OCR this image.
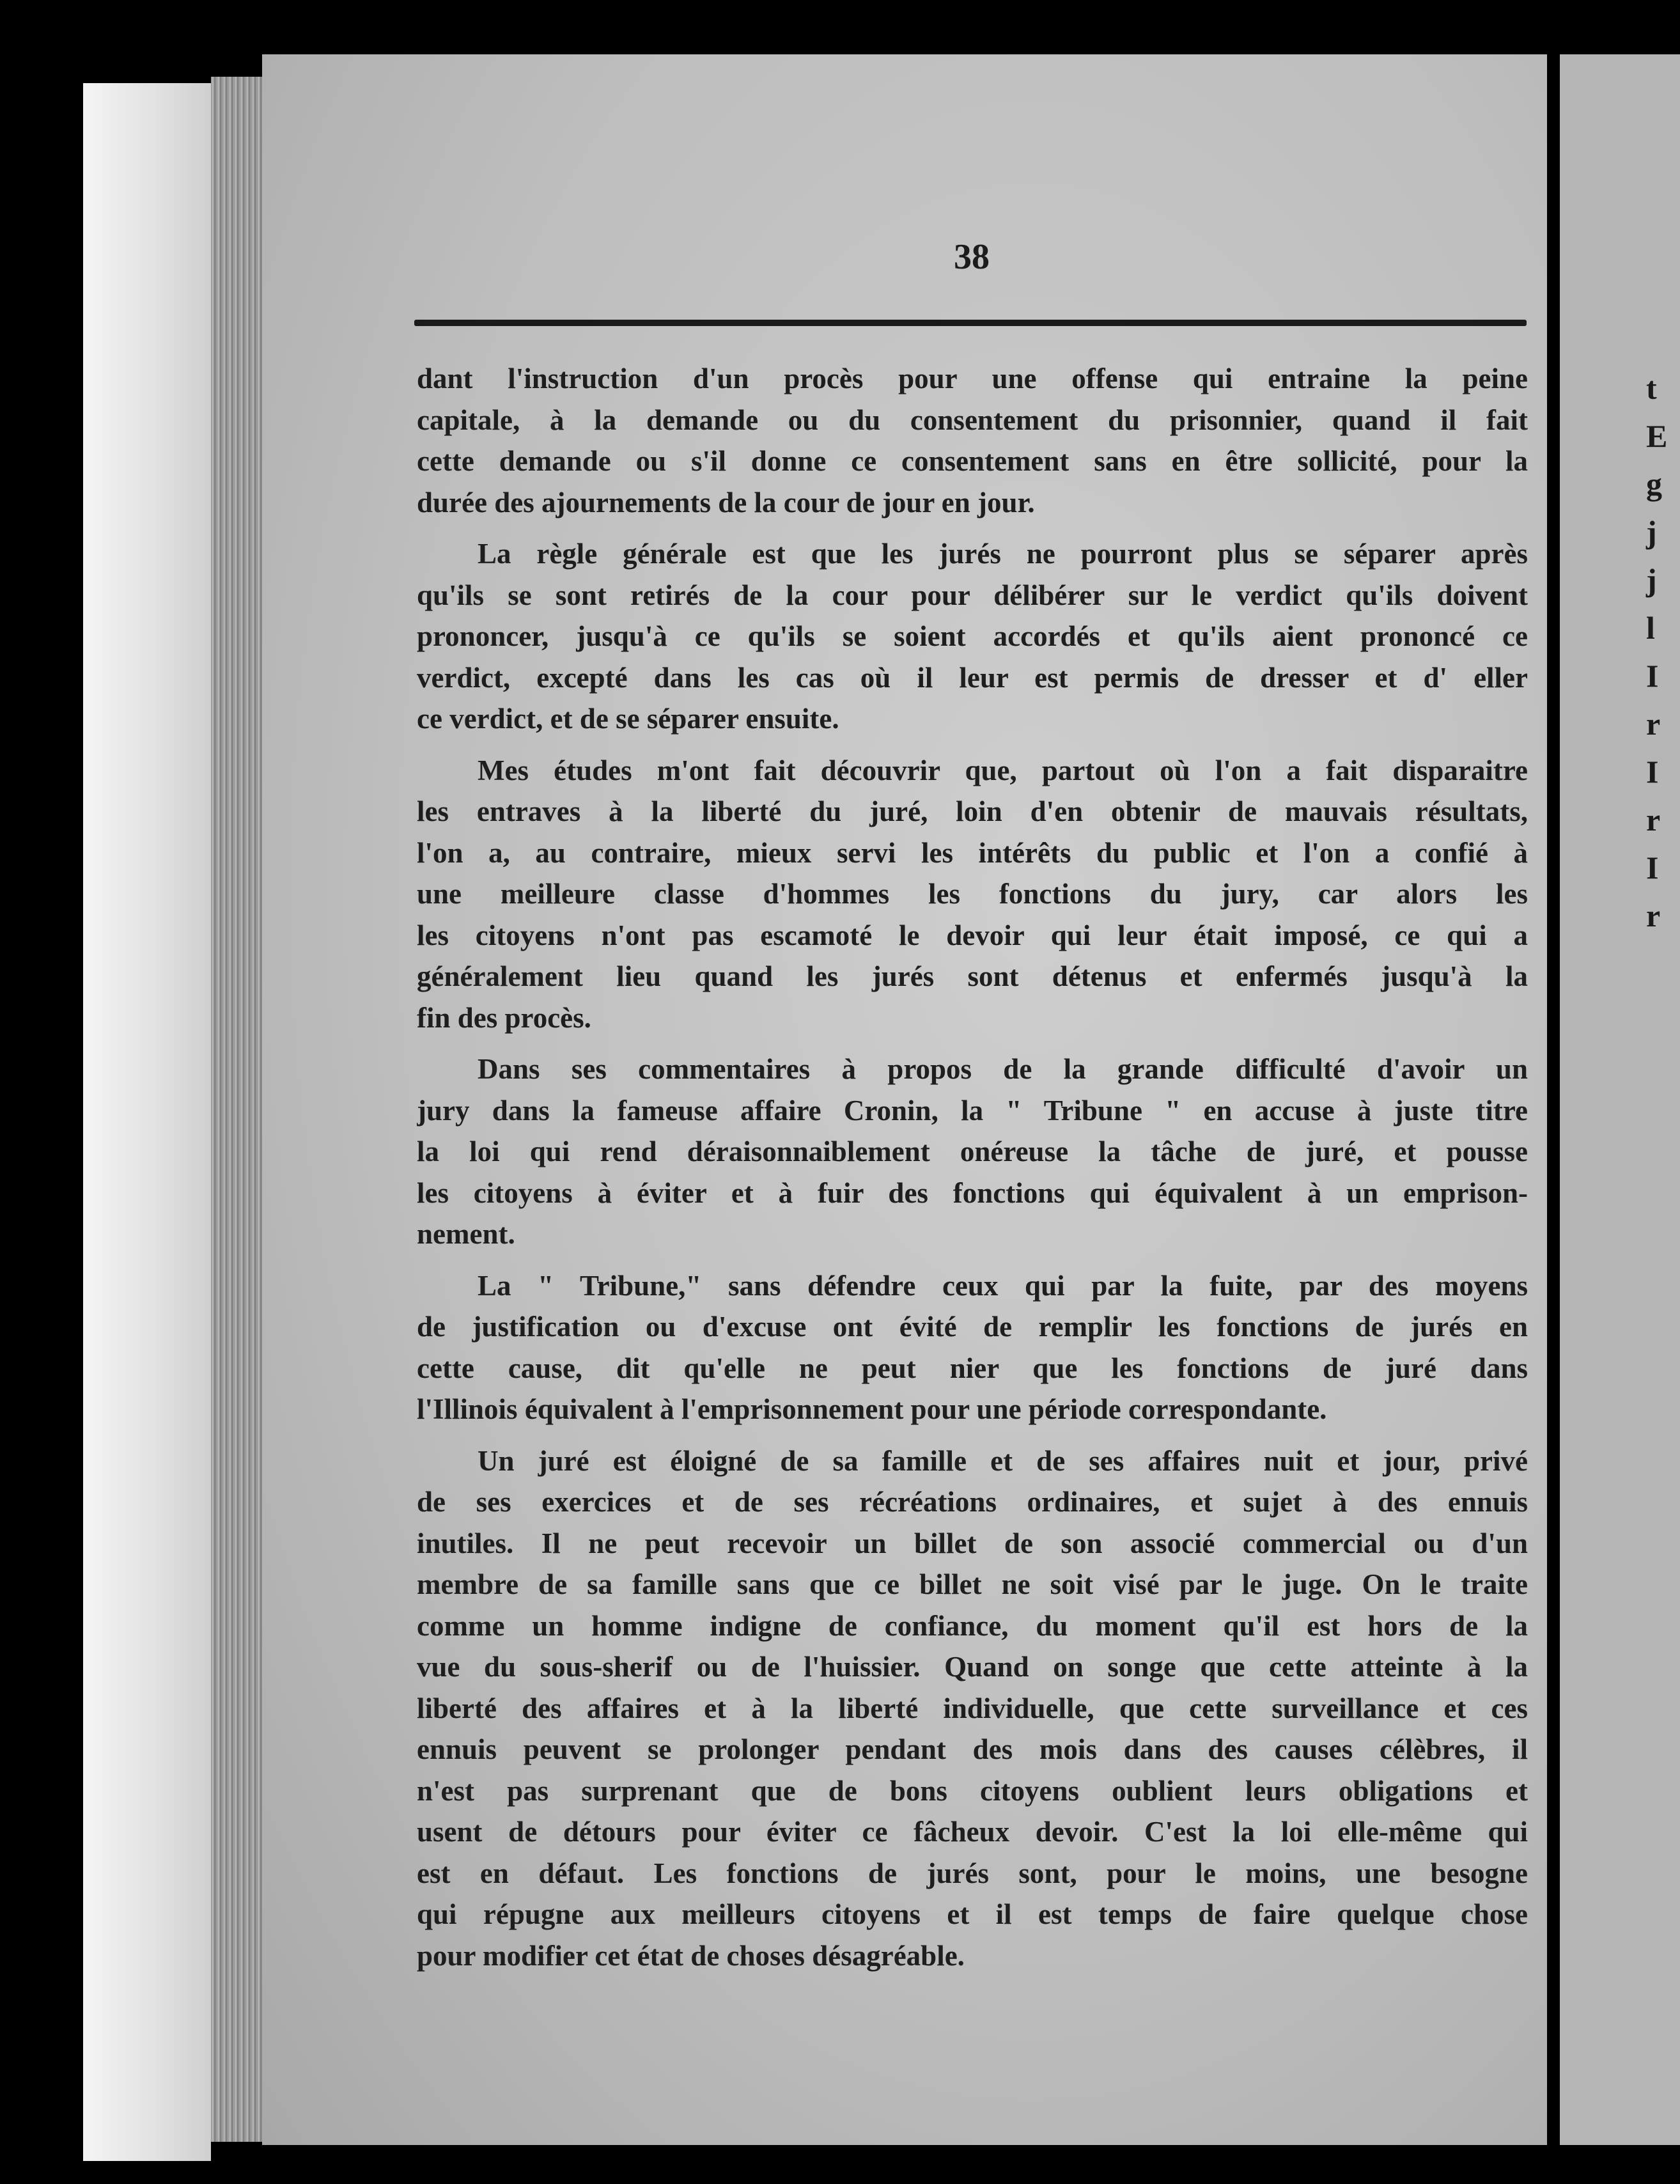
t
E
g
j
j
l
I
r
I
r
I
r
38
dant l'instruction d'un procès pour une offense qui entraine la peine
capitale, à la demande ou du consentement du prisonnier, quand il fait
cette demande ou s'il donne ce consentement sans en être sollicité, pour la
durée des ajournements de la cour de jour en jour.
La règle générale est que les jurés ne pourront plus se séparer après
qu'ils se sont retirés de la cour pour délibérer sur le verdict qu'ils doivent
prononcer, jusqu'à ce qu'ils se soient accordés et qu'ils aient prononcé ce
verdict, excepté dans les cas où il leur est permis de dresser et d' eller
ce verdict, et de se séparer ensuite.
Mes études m'ont fait découvrir que, partout où l'on a fait disparaitre
les entraves à la liberté du juré, loin d'en obtenir de mauvais résultats,
l'on a, au contraire, mieux servi les intérêts du public et l'on a confié à
une meilleure classe d'hommes les fonctions du jury, car alors les
les citoyens n'ont pas escamoté le devoir qui leur était imposé, ce qui a
généralement lieu quand les jurés sont détenus et enfermés jusqu'à la
fin des procès.
Dans ses commentaires à propos de la grande difficulté d'avoir un
jury dans la fameuse affaire Cronin, la " Tribune " en accuse à juste titre
la loi qui rend déraisonnaiblement onéreuse la tâche de juré, et pousse
les citoyens à éviter et à fuir des fonctions qui équivalent à un emprison-
nement.
La " Tribune," sans défendre ceux qui par la fuite, par des moyens
de justification ou d'excuse ont évité de remplir les fonctions de jurés en
cette cause, dit qu'elle ne peut nier que les fonctions de juré dans
l'Illinois équivalent à l'emprisonnement pour une période correspondante.
Un juré est éloigné de sa famille et de ses affaires nuit et jour, privé
de ses exercices et de ses récréations ordinaires, et sujet à des ennuis
inutiles. Il ne peut recevoir un billet de son associé commercial ou d'un
membre de sa famille sans que ce billet ne soit visé par le juge. On le traite
comme un homme indigne de confiance, du moment qu'il est hors de la
vue du sous-sherif ou de l'huissier. Quand on songe que cette atteinte à la
liberté des affaires et à la liberté individuelle, que cette surveillance et ces
ennuis peuvent se prolonger pendant des mois dans des causes célèbres, il
n'est pas surprenant que de bons citoyens oublient leurs obligations et
usent de détours pour éviter ce fâcheux devoir. C'est la loi elle-même qui
est en défaut. Les fonctions de jurés sont, pour le moins, une besogne
qui répugne aux meilleurs citoyens et il est temps de faire quelque chose
pour modifier cet état de choses désagréable.
